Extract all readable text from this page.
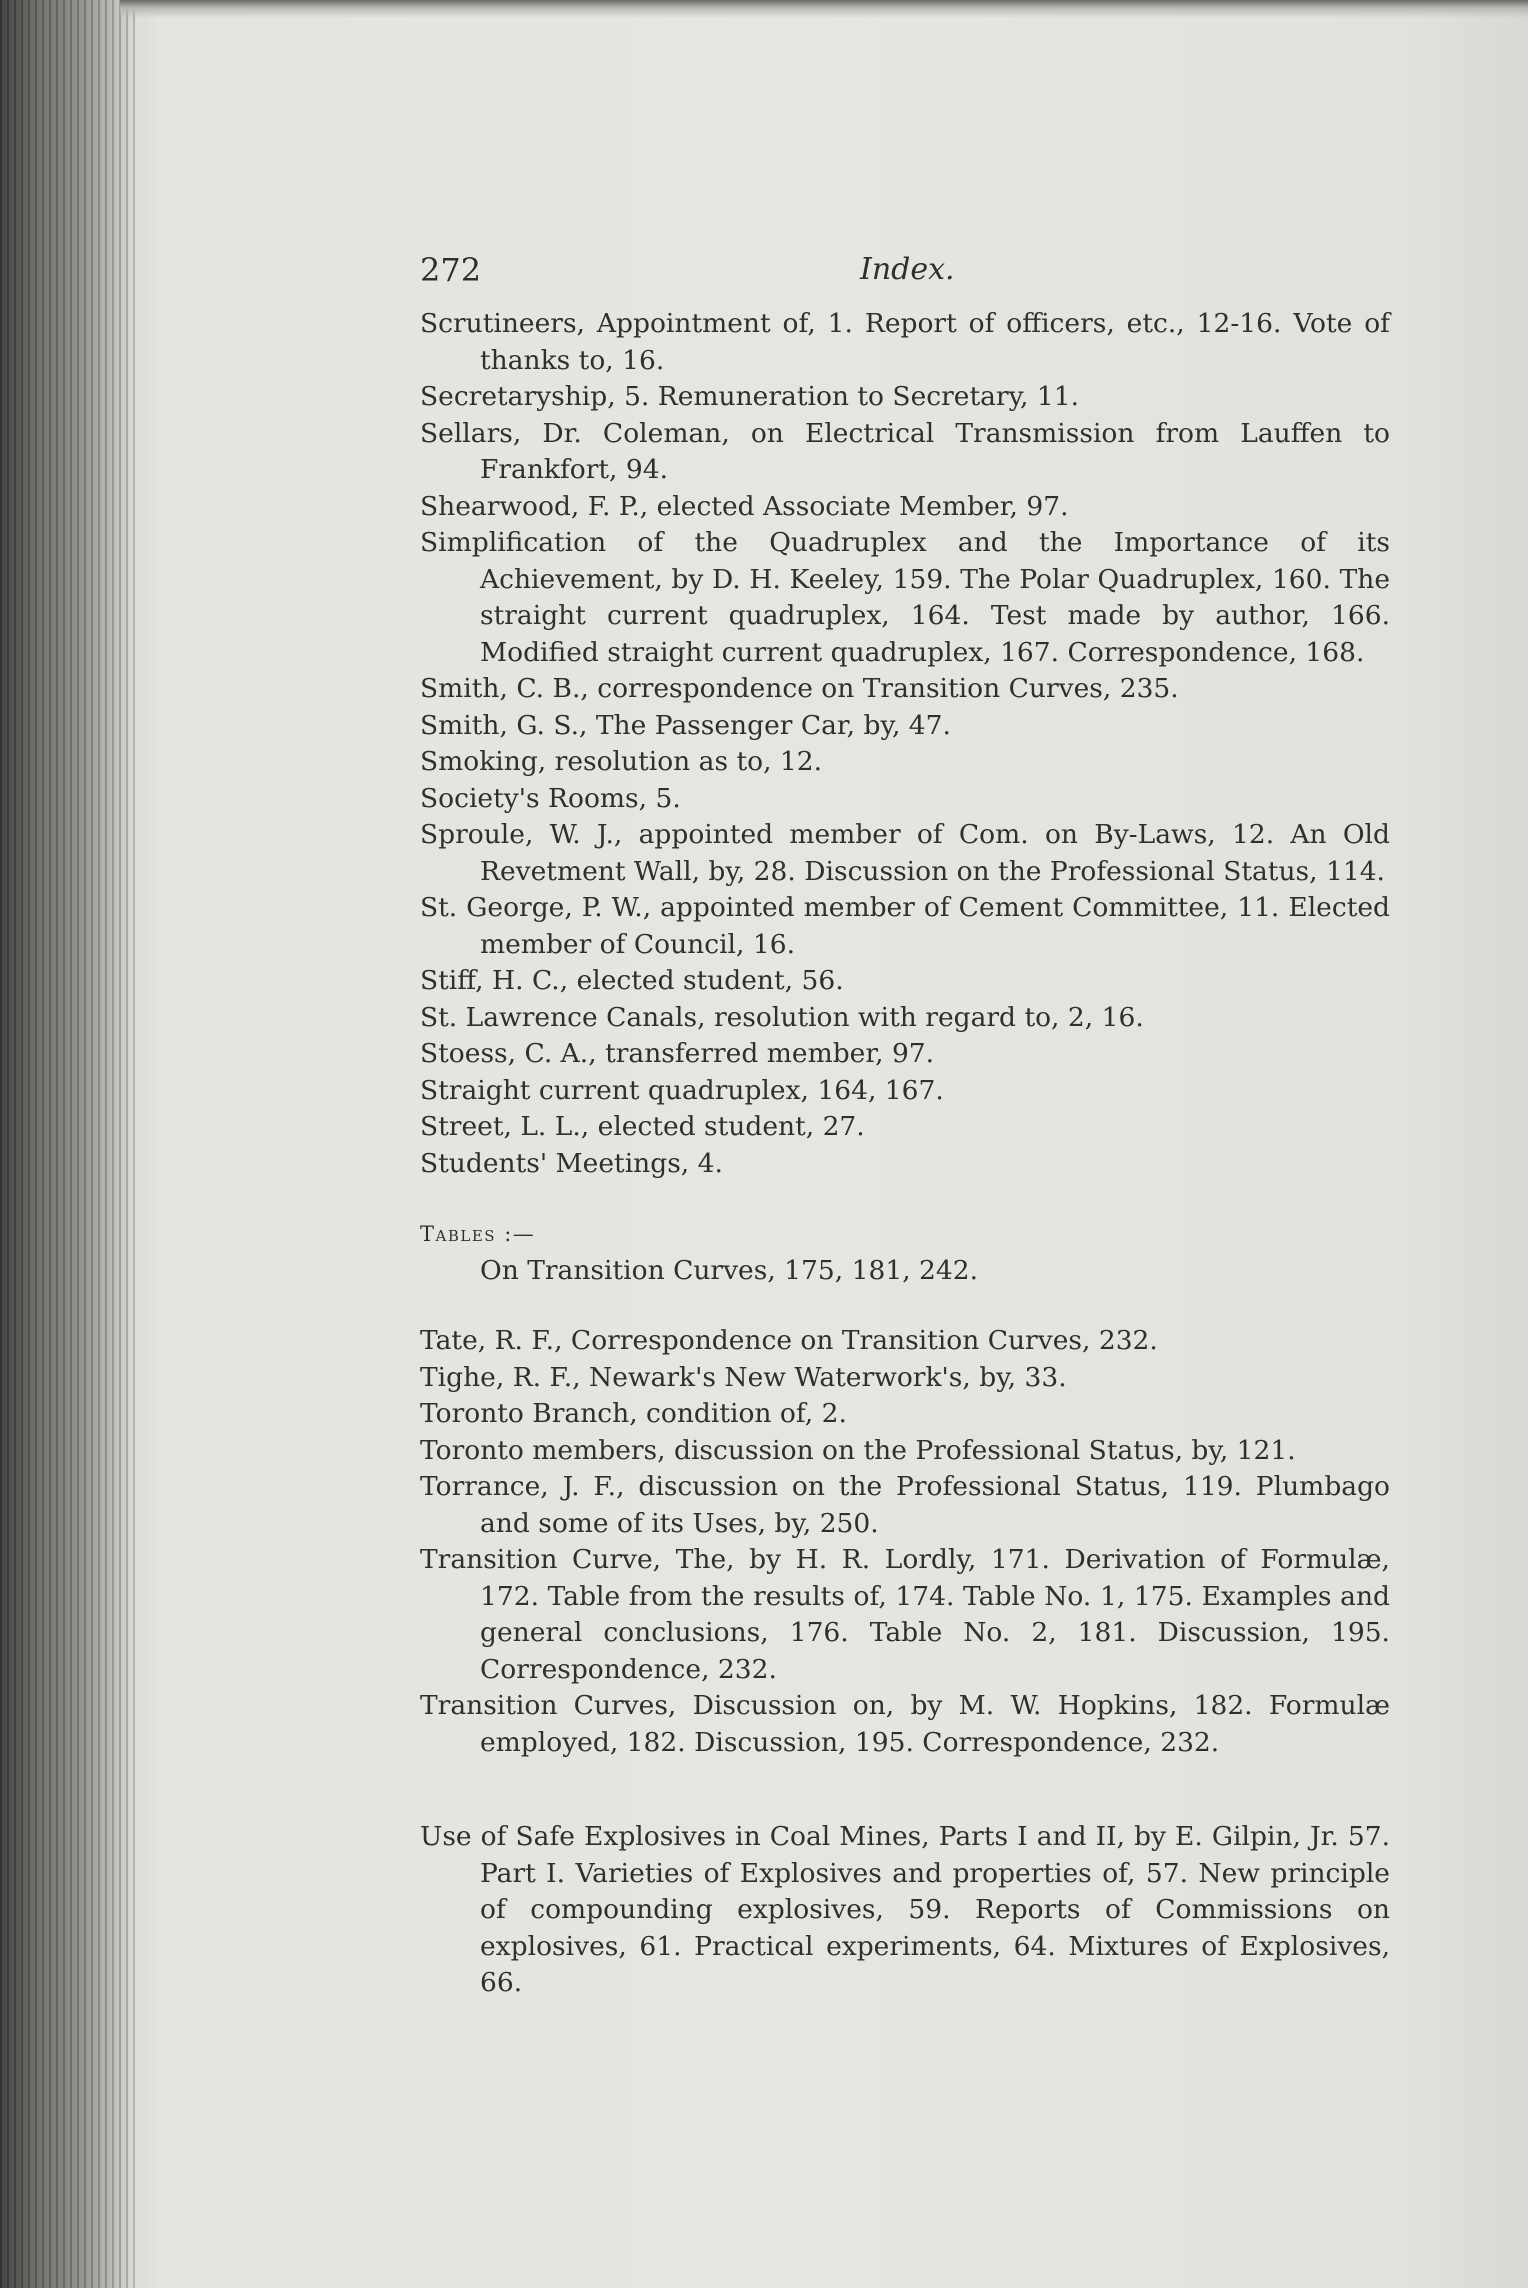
272	Index.

Scrutineers, Appointment of, 1. Report of officers, etc., 12-16. Vote of thanks to, 16.

Secretaryship, 5. Remuneration to Secretary, 11.

Sellars, Dr. Coleman, on Electrical Transmission from Lauffen to Frankfort, 94.

Shearwood, F. P., elected Associate Member, 97.

Simplification of the Quadruplex and the Importance of its Achievement, by D. H. Keeley, 159. The Polar Quadruplex, 160. The straight current quadruplex, 164. Test made by author, 166. Modified straight current quadruplex, 167. Correspondence, 168.

Smith, C. B., correspondence on Transition Curves, 235.

Smith, G. S., The Passenger Car, by, 47.

Smoking, resolution as to, 12.

Society's Rooms, 5.

Sproule, W. J., appointed member of Com. on By-Laws, 12. An Old Revetment Wall, by, 28. Discussion on the Professional Status, 114.

St. George, P. W., appointed member of Cement Committee, 11. Elected member of Council, 16.

Stiff, H. C., elected student, 56.

St. Lawrence Canals, resolution with regard to, 2, 16.

Stoess, C. A., transferred member, 97.

Straight current quadruplex, 164, 167.

Street, L. L., elected student, 27.

Students' Meetings, 4.

Tables :—

On Transition Curves, 175, 181, 242.

Tate, R. F., Correspondence on Transition Curves, 232.

Tighe, R. F., Newark's New Waterwork's, by, 33.

Toronto Branch, condition of, 2.

Toronto members, discussion on the Professional Status, by, 121.

Torrance, J. F., discussion on the Professional Status, 119. Plumbago and some of its Uses, by, 250.

Transition Curve, The, by H. R. Lordly, 171. Derivation of Formulæ, 172. Table from the results of, 174. Table No. 1, 175. Examples and general conclusions, 176. Table No. 2, 181. Discussion, 195. Correspondence, 232.

Transition Curves, Discussion on, by M. W. Hopkins, 182. Formulæ employed, 182. Discussion, 195. Correspondence, 232.

Use of Safe Explosives in Coal Mines, Parts I and II, by E. Gilpin, Jr. 57. Part I. Varieties of Explosives and properties of, 57. New principle of compounding explosives, 59. Reports of Commissions on explosives, 61. Practical experiments, 64. Mixtures of Explosives, 66.
